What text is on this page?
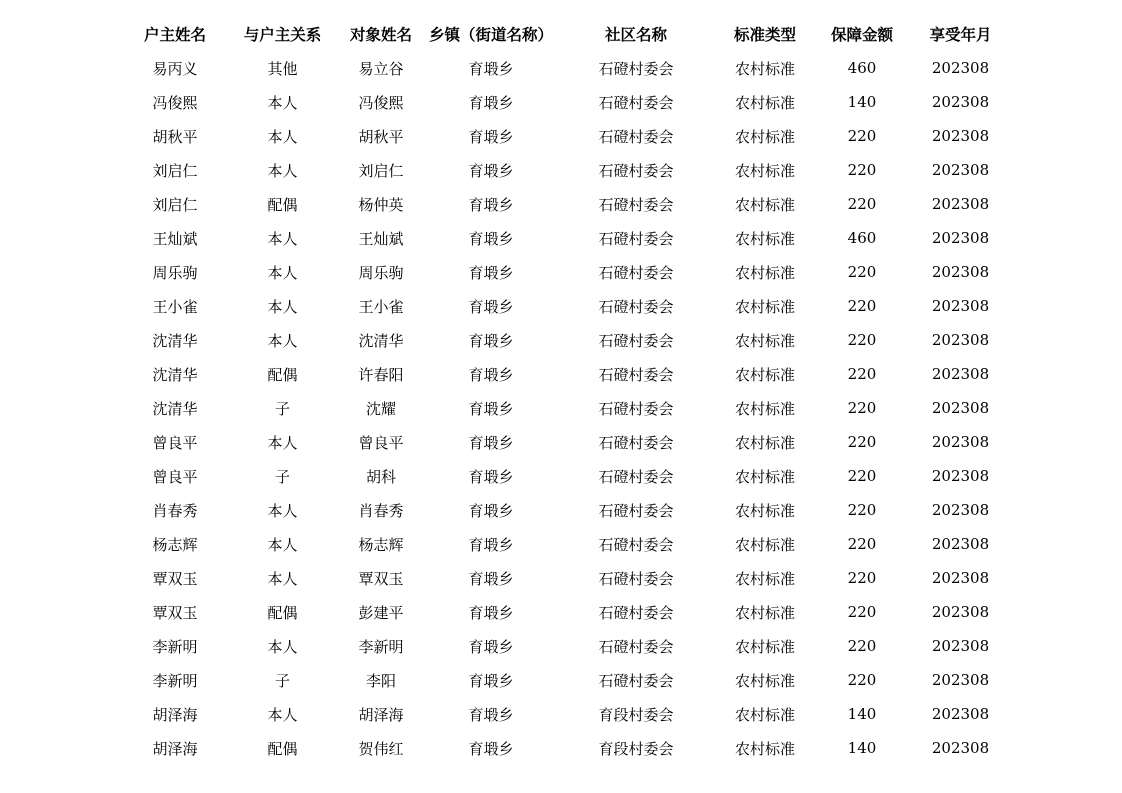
户主姓名	与户主关系	对象姓名	乡镇（街道名称）	社区名称	标准类型	保障金额	享受年月
易丙义	其他	易立谷	育塅乡	石磴村委会	农村标准	460	202308
冯俊熙	本人	冯俊熙	育塅乡	石磴村委会	农村标准	140	202308
胡秋平	本人	胡秋平	育塅乡	石磴村委会	农村标准	220	202308
刘启仁	本人	刘启仁	育塅乡	石磴村委会	农村标准	220	202308
刘启仁	配偶	杨仲英	育塅乡	石磴村委会	农村标准	220	202308
王灿斌	本人	王灿斌	育塅乡	石磴村委会	农村标准	460	202308
周乐驹	本人	周乐驹	育塅乡	石磴村委会	农村标准	220	202308
王小雀	本人	王小雀	育塅乡	石磴村委会	农村标准	220	202308
沈清华	本人	沈清华	育塅乡	石磴村委会	农村标准	220	202308
沈清华	配偶	许春阳	育塅乡	石磴村委会	农村标准	220	202308
沈清华	子	沈耀	育塅乡	石磴村委会	农村标准	220	202308
曾良平	本人	曾良平	育塅乡	石磴村委会	农村标准	220	202308
曾良平	子	胡科	育塅乡	石磴村委会	农村标准	220	202308
肖春秀	本人	肖春秀	育塅乡	石磴村委会	农村标准	220	202308
杨志辉	本人	杨志辉	育塅乡	石磴村委会	农村标准	220	202308
覃双玉	本人	覃双玉	育塅乡	石磴村委会	农村标准	220	202308
覃双玉	配偶	彭建平	育塅乡	石磴村委会	农村标准	220	202308
李新明	本人	李新明	育塅乡	石磴村委会	农村标准	220	202308
李新明	子	李阳	育塅乡	石磴村委会	农村标准	220	202308
胡泽海	本人	胡泽海	育塅乡	育段村委会	农村标准	140	202308
胡泽海	配偶	贺伟红	育塅乡	育段村委会	农村标准	140	202308
